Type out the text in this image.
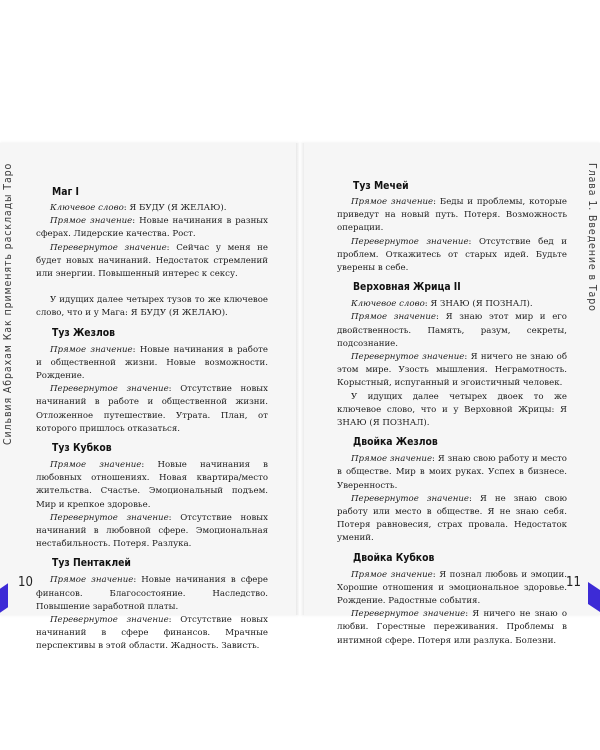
Сильвия Абрахам Как применять расклады Таро	Глава 1. Введение в Таро
Маг I

Ключевое слово: Я БУДУ (Я ЖЕЛАЮ).

Прямое значение: Новые начинания в разных сферах. Лидерские качества. Рост.

Перевернутое значение: Сейчас у меня не будет новых начинаний. Недостаток стремлений или энергии. Повышенный интерес к сексу.

У идущих далее четырех тузов то же ключевое слово, что и у Мага: Я БУДУ (Я ЖЕЛАЮ).

Туз Жезлов

Прямое значение: Новые начинания в работе и общественной жизни. Новые возможности. Рождение.

Перевернутое значение: Отсутствие новых начинаний в работе и общественной жизни. Отложенное путешествие. Утрата. План, от которого пришлось отказаться.

Туз Кубков

Прямое значение: Новые начинания в любовных отношениях. Новая квартира/место жительства. Счастье. Эмоциональный подъем. Мир и крепкое здоровье.

Перевернутое значение: Отсутствие новых начинаний в любовной сфере. Эмоциональная нестабильность. Потеря. Разлука.

Туз Пентаклей

Прямое значение: Новые начинания в сфере финансов. Благосостояние. Наследство. Повышение заработной платы.

Перевернутое значение: Отсутствие новых начинаний в сфере финансов. Мрачные перспективы в этой области. Жадность. Зависть.

Туз Мечей

Прямое значение: Беды и проблемы, которые приведут на новый путь. Потеря. Возможность операции.

Перевернутое значение: Отсутствие бед и проблем. Откажитесь от старых идей. Будьте уверены в себе.

Верховная Жрица II

Ключевое слово: Я ЗНАЮ (Я ПОЗНАЛ).

Прямое значение: Я знаю этот мир и его двойственность. Память, разум, секреты, подсознание.

Перевернутое значение: Я ничего не знаю об этом мире. Узость мышления. Неграмотность. Корыстный, испуганный и эгоистичный человек.

У идущих далее четырех двоек то же ключевое слово, что и у Верховной Жрицы: Я ЗНАЮ (Я ПОЗНАЛ).

Двойка Жезлов

Прямое значение: Я знаю свою работу и место в обществе. Мир в моих руках. Успех в бизнесе. Уверенность.

Перевернутое значение: Я не знаю свою работу или место в обществе. Я не знаю себя. Потеря равновесия, страх провала. Недостаток умений.

Двойка Кубков

Прямое значение: Я познал любовь и эмоции. Хорошие отношения и эмоциональное здоровье. Рождение. Радостные события.

Перевернутое значение: Я ничего не знаю о любви. Горестные переживания. Проблемы в интимной сфере. Потеря или разлука. Болезни.

10	11
